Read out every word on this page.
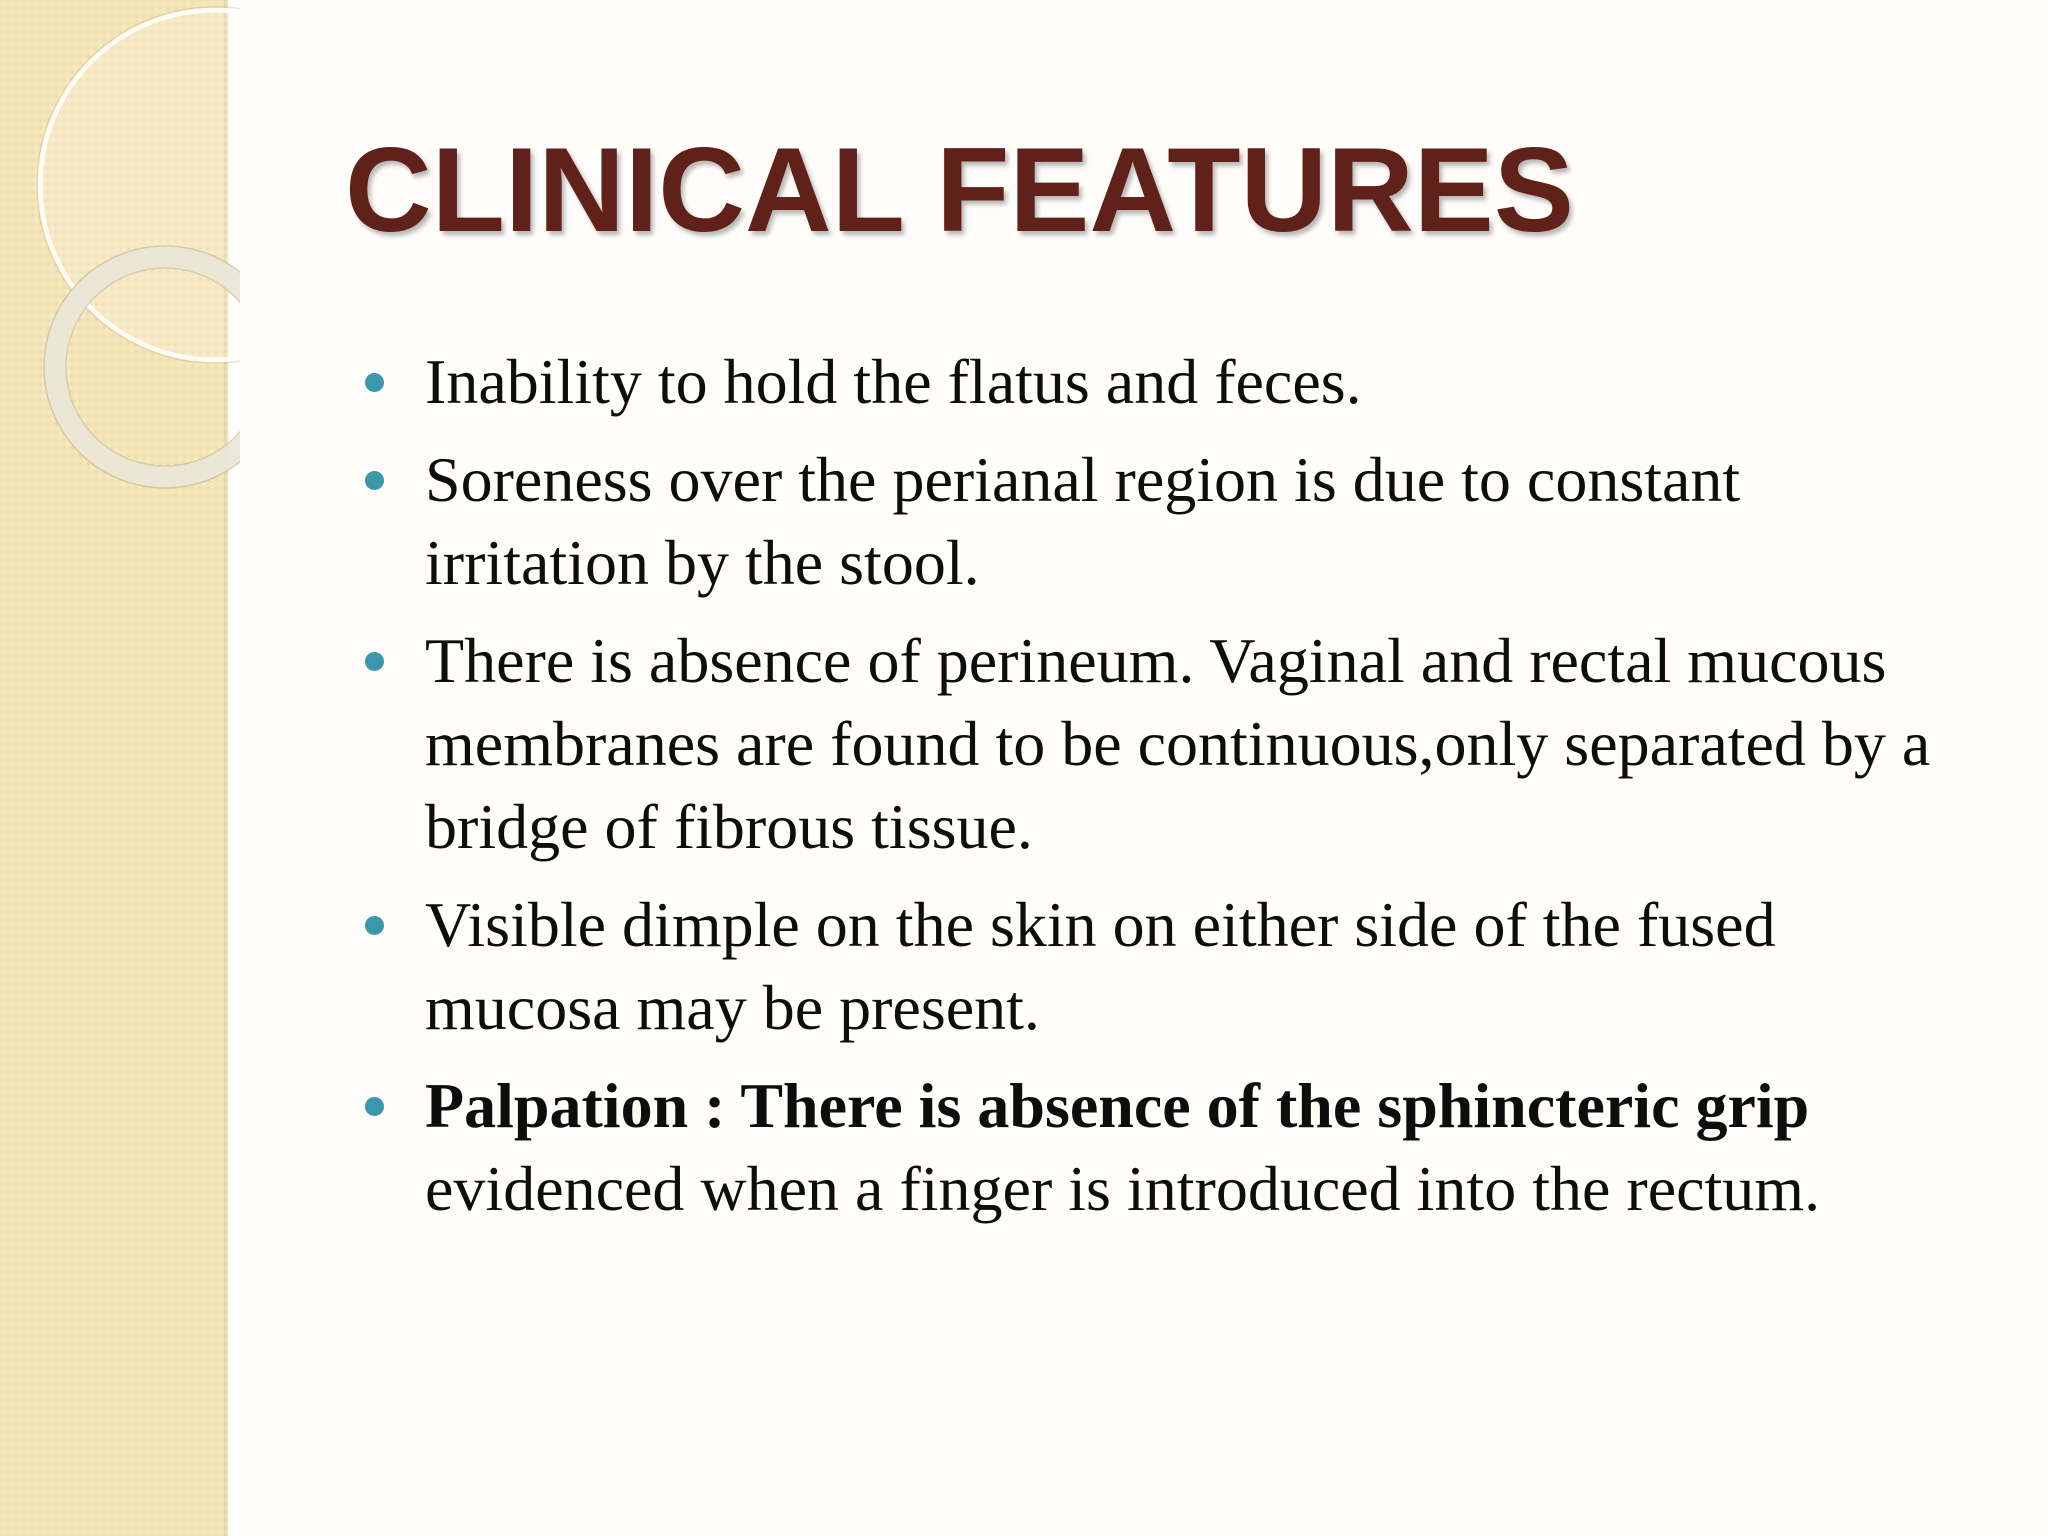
CLINICAL FEATURES
Inability to hold the flatus and feces.
Soreness over the perianal region is due to constant irritation by the stool.
There is absence of perineum. Vaginal and rectal mucous membranes are found to be continuous,only separated by a bridge of fibrous tissue.
Visible dimple on the skin on either side of the fused mucosa may be present.
Palpation : There is absence of the sphincteric grip evidenced when a finger is introduced into the rectum.
